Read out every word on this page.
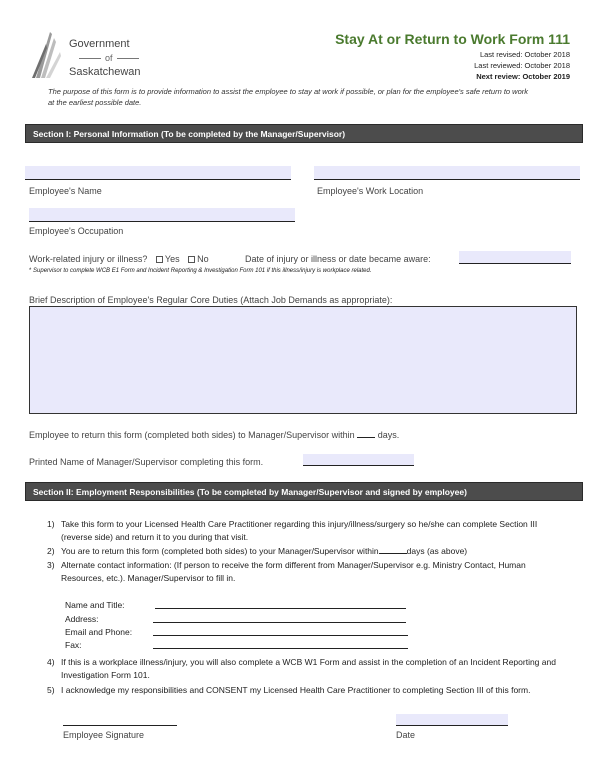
Government
of
Saskatchewan
Stay At or Return to Work Form 111
Last revised: October 2018
Last reviewed: October 2018
Next review: October 2019
The purpose of this form is to provide information to assist the employee to stay at work if possible, or plan for the employee's safe return to work at the earliest possible date.
Section I: Personal Information (To be completed by the Manager/Supervisor)
Employee's Name	Employee's Work Location
Employee's Occupation
Work-related injury or illness? Yes No	Date of injury or illness or date became aware:
* Supervisor to complete WCB E1 Form and Incident Reporting & Investigation Form 101 if this illness/injury is workplace related.
Brief Description of Employee's Regular Core Duties (Attach Job Demands as appropriate):
Employee to return this form (completed both sides) to Manager/Supervisor within	days.
Printed Name of Manager/Supervisor completing this form.
Section II: Employment Responsibilities (To be completed by Manager/Supervisor and signed by employee)
1) Take this form to your Licensed Health Care Practitioner regarding this injury/illness/surgery so he/she can complete Section III (reverse side) and return it to you during that visit.
2) You are to return this form (completed both sides) to your Manager/Supervisor within	days (as above)
3) Alternate contact information: (If person to receive the form different from Manager/Supervisor e.g. Ministry Contact, Human Resources, etc.). Manager/Supervisor to fill in.
Name and Title:
Address:
Email and Phone:
Fax:
4) If this is a workplace illness/injury, you will also complete a WCB W1 Form and assist in the completion of an Incident Reporting and Investigation Form 101.
5) I acknowledge my responsibilities and CONSENT my Licensed Health Care Practitioner to completing Section III of this form.
Employee Signature	Date
